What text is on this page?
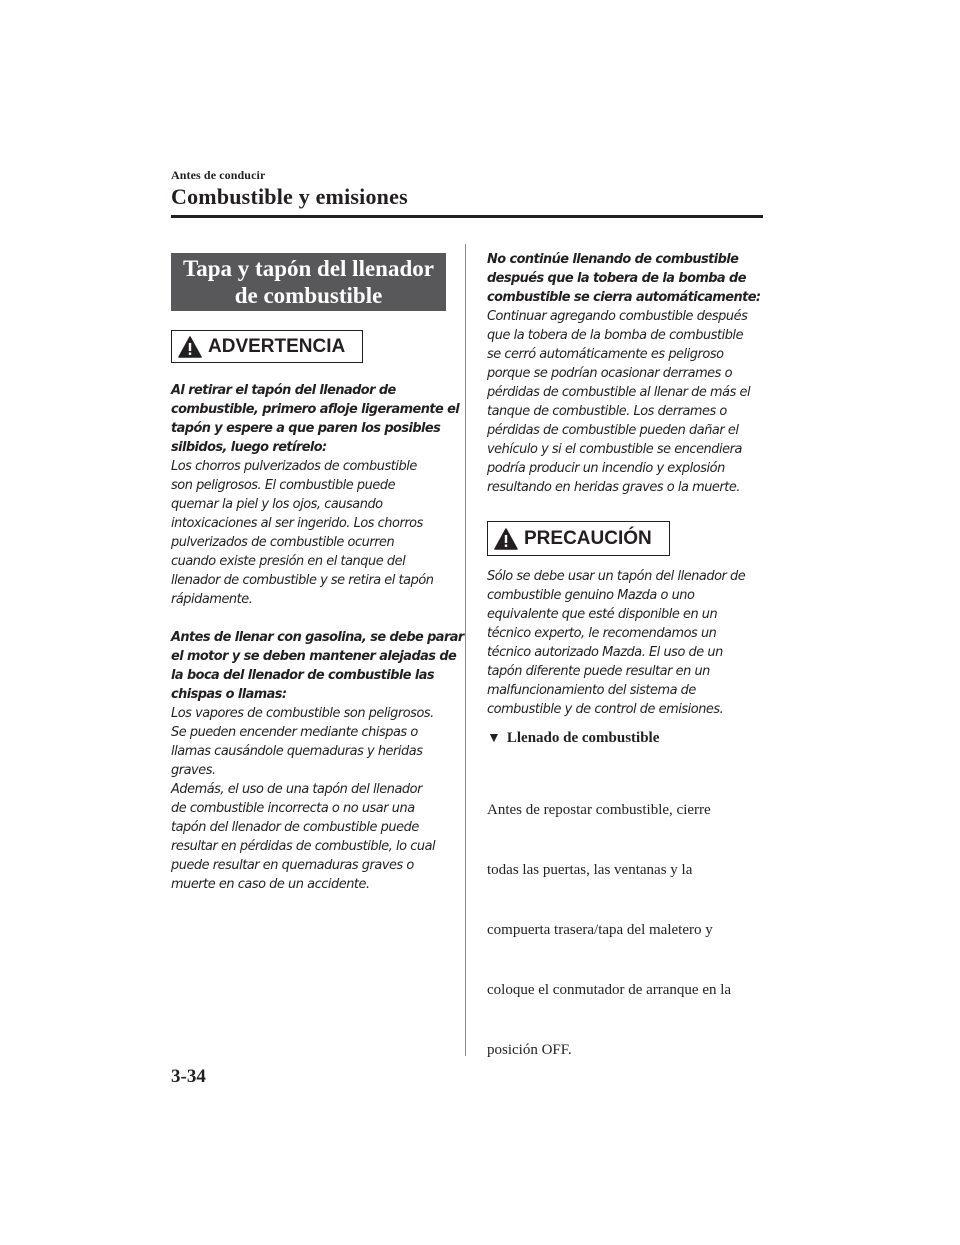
Antes de conducir
Combustible y emisiones
Tapa y tapón del llenador
de combustible
ADVERTENCIA

Al retirar el tapón del llenador de

combustible, primero afloje ligeramente el

tapón y espere a que paren los posibles

silbidos, luego retírelo:

Los chorros pulverizados de combustible

son peligrosos. El combustible puede

quemar la piel y los ojos, causando

intoxicaciones al ser ingerido. Los chorros

pulverizados de combustible ocurren

cuando existe presión en el tanque del

llenador de combustible y se retira el tapón

rápidamente.

Antes de llenar con gasolina, se debe parar

el motor y se deben mantener alejadas de

la boca del llenador de combustible las

chispas o llamas:

Los vapores de combustible son peligrosos.

Se pueden encender mediante chispas o

llamas causándole quemaduras y heridas

graves.

Además, el uso de una tapón del llenador

de combustible incorrecta o no usar una

tapón del llenador de combustible puede

resultar en pérdidas de combustible, lo cual

puede resultar en quemaduras graves o

muerte en caso de un accidente.

No continúe llenando de combustible

después que la tobera de la bomba de

combustible se cierra automáticamente:

Continuar agregando combustible después

que la tobera de la bomba de combustible

se cerró automáticamente es peligroso

porque se podrían ocasionar derrames o

pérdidas de combustible al llenar de más el

tanque de combustible. Los derrames o

pérdidas de combustible pueden dañar el

vehículo y si el combustible se encendiera

podría producir un incendio y explosión

resultando en heridas graves o la muerte.

PRECAUCIÓN

Sólo se debe usar un tapón del llenador de

combustible genuino Mazda o uno

equivalente que esté disponible en un

técnico experto, le recomendamos un

técnico autorizado Mazda. El uso de un

tapón diferente puede resultar en un

malfuncionamiento del sistema de

combustible y de control de emisiones.

▼ Llenado de combustible

Antes de repostar combustible, cierre

todas las puertas, las ventanas y la

compuerta trasera/tapa del maletero y

coloque el conmutador de arranque en la

posición OFF.

3-34
